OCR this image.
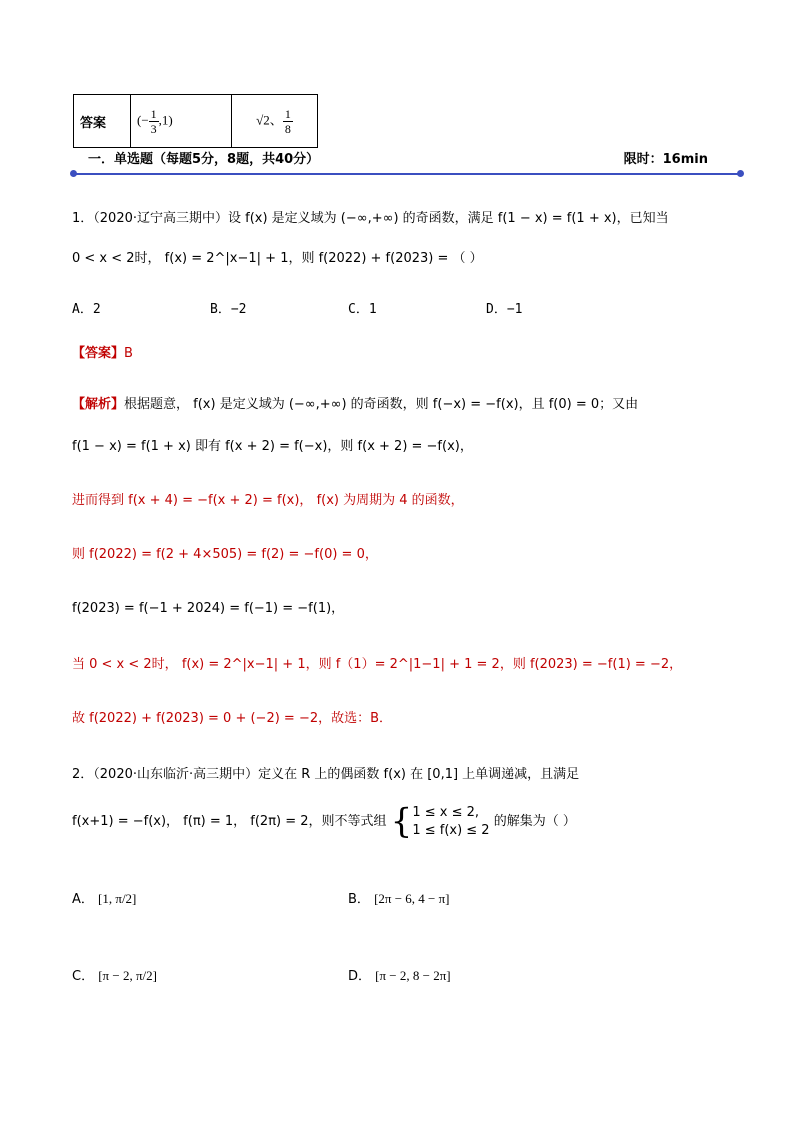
答案	(− $\frac{1}{3} ,1$)	√2、 $\frac{1}{8}$
一．单选题（每题5分，8题，共40分）	限时：16min
1．（2020·辽宁高三期中）设 f(x) 是定义域为 (−∞,+∞) 的奇函数，满足 f(1 − x) = f(1 + x)，已知当
0 < x < 2时， f(x) = 2^|x−1| + 1，则 f(2022) + f(2023) = （ ）
A．2	B．−2	C．1	D．−1
【答案】B
【解析】根据题意， f(x) 是定义域为 (−∞,+∞) 的奇函数，则 f(−x) = −f(x)，且 f(0) = 0；又由
f(1 − x) = f(1 + x) 即有 f(x + 2) = f(−x)，则 f(x + 2) = −f(x)，
进而得到 f(x + 4) = −f(x + 2) = f(x)， f(x) 为周期为 4 的函数，
则 f(2022) = f(2 + 4×505) = f(2) = −f(0) = 0，
f(2023) = f(−1 + 2024) = f(−1) = −f(1)，
当 0 < x < 2时， f(x) = 2^|x−1| + 1，则 f（1）= 2^|1−1| + 1 = 2，则 f(2023) = −f(1) = −2，
故 f(2022) + f(2023) = 0 + (−2) = −2，故选：B．
2．（2020·山东临沂·高三期中）定义在 R 上的偶函数 f(x) 在 [0,1] 上单调递减，且满足
f(x+1) = −f(x)， f(π) = 1， f(2π) = 2，则不等式组 { 1 ≤ x ≤ 2,
1 ≤ f(x) ≤ 2
的解集为（ ）
A． [1, π/2]	B． [2π − 6, 4 − π]
C． [π − 2, π/2]	D． [π − 2, 8 − 2π]
